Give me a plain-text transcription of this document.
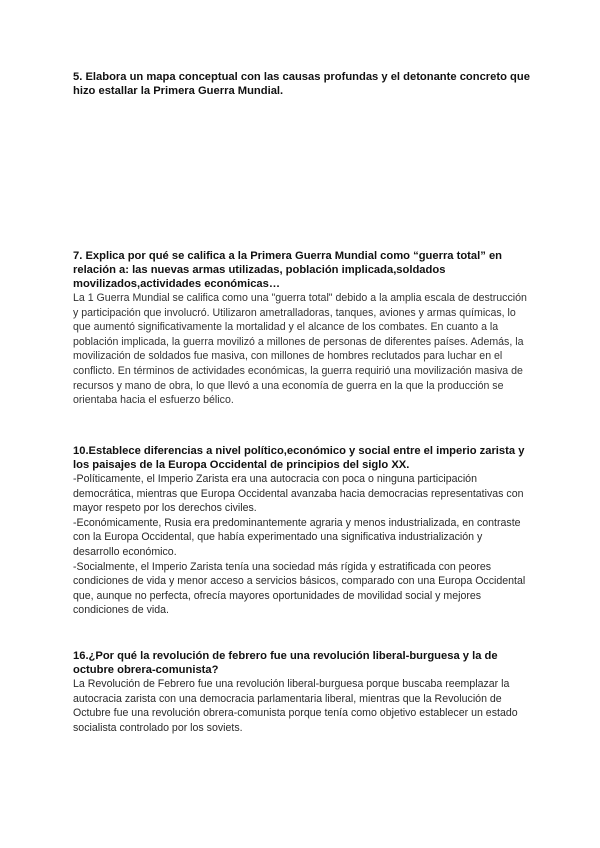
5. Elabora un mapa conceptual con las causas profundas y el detonante concreto que hizo estallar la Primera Guerra Mundial.

7. Explica por qué se califica a la Primera Guerra Mundial como “guerra total” en relación a: las nuevas armas utilizadas, población implicada,soldados movilizados,actividades económicas…

La 1 Guerra Mundial se califica como una "guerra total" debido a la amplia escala de destrucción y participación que involucró. Utilizaron ametralladoras, tanques, aviones y armas químicas, lo que aumentó significativamente la mortalidad y el alcance de los combates. En cuanto a la población implicada, la guerra movilizó a millones de personas de diferentes países. Además, la movilización de soldados fue masiva, con millones de hombres reclutados para luchar en el conflicto. En términos de actividades económicas, la guerra requirió una movilización masiva de recursos y mano de obra, lo que llevó a una economía de guerra en la que la producción se orientaba hacia el esfuerzo bélico.

10.Establece diferencias a nivel político,económico y social entre el imperio zarista y los paisajes de la Europa Occidental de principios del siglo XX.

-Políticamente, el Imperio Zarista era una autocracia con poca o ninguna participación democrática, mientras que Europa Occidental avanzaba hacia democracias representativas con mayor respeto por los derechos civiles.

-Económicamente, Rusia era predominantemente agraria y menos industrializada, en contraste con la Europa Occidental, que había experimentado una significativa industrialización y desarrollo económico.

-Socialmente, el Imperio Zarista tenía una sociedad más rígida y estratificada con peores condiciones de vida y menor acceso a servicios básicos, comparado con una Europa Occidental que, aunque no perfecta, ofrecía mayores oportunidades de movilidad social y mejores condiciones de vida.

16.¿Por qué la revolución de febrero fue una revolución liberal-burguesa y la de octubre obrera-comunista?

La Revolución de Febrero fue una revolución liberal-burguesa porque buscaba reemplazar la autocracia zarista con una democracia parlamentaria liberal, mientras que la Revolución de Octubre fue una revolución obrera-comunista porque tenía como objetivo establecer un estado socialista controlado por los soviets.
